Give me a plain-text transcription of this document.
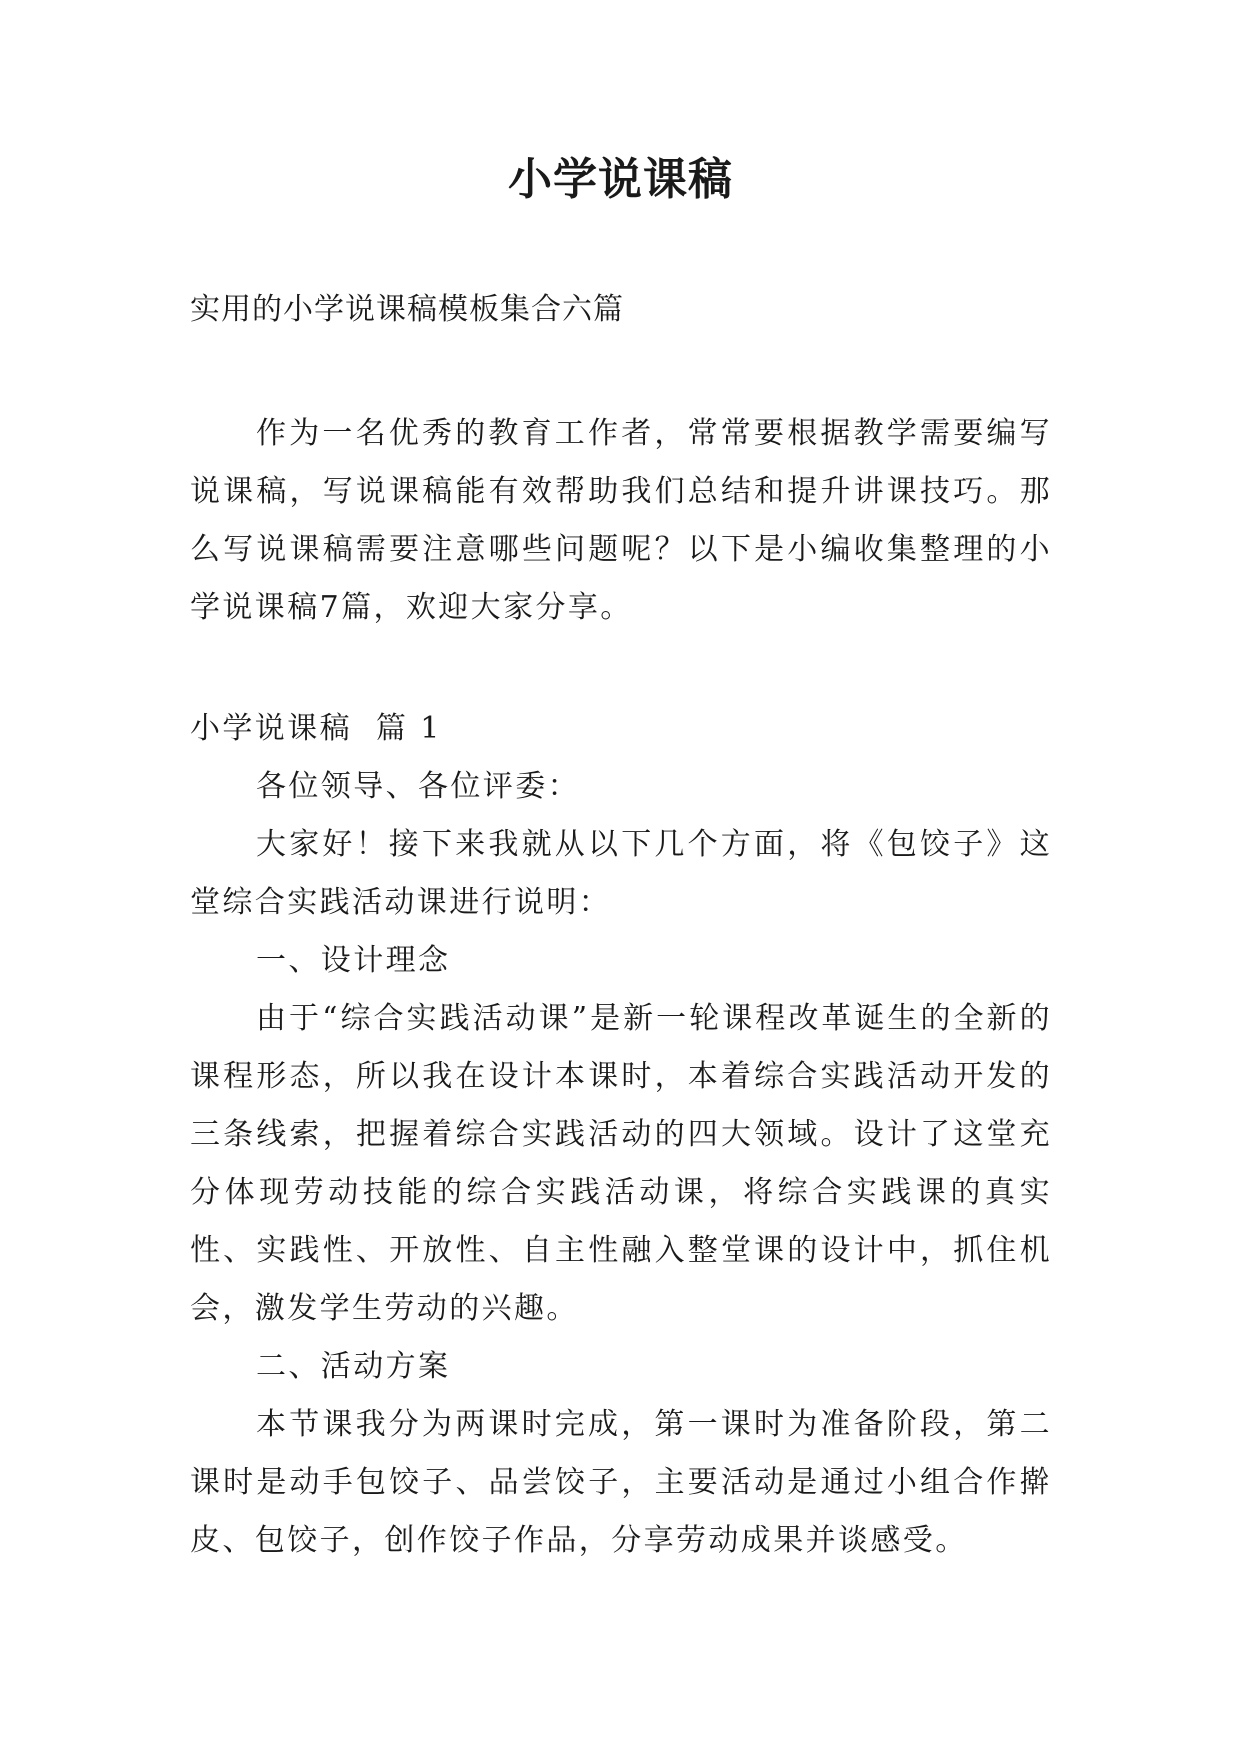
小学说课稿
实用的小学说课稿模板集合六篇

作为一名优秀的教育工作者，常常要根据教学需要编写说课稿，写说课稿能有效帮助我们总结和提升讲课技巧。那么写说课稿需要注意哪些问题呢？以下是小编收集整理的小学说课稿7篇，欢迎大家分享。

小学说课稿  篇 1

各位领导、各位评委：

大家好！接下来我就从以下几个方面，将《包饺子》这堂综合实践活动课进行说明：

一、设计理念

由于“综合实践活动课”是新一轮课程改革诞生的全新的课程形态，所以我在设计本课时，本着综合实践活动开发的三条线索，把握着综合实践活动的四大领域。设计了这堂充分体现劳动技能的综合实践活动课，将综合实践课的真实性、实践性、开放性、自主性融入整堂课的设计中，抓住机会，激发学生劳动的兴趣。

二、活动方案

本节课我分为两课时完成，第一课时为准备阶段，第二课时是动手包饺子、品尝饺子，主要活动是通过小组合作擀皮、包饺子，创作饺子作品，分享劳动成果并谈感受。
